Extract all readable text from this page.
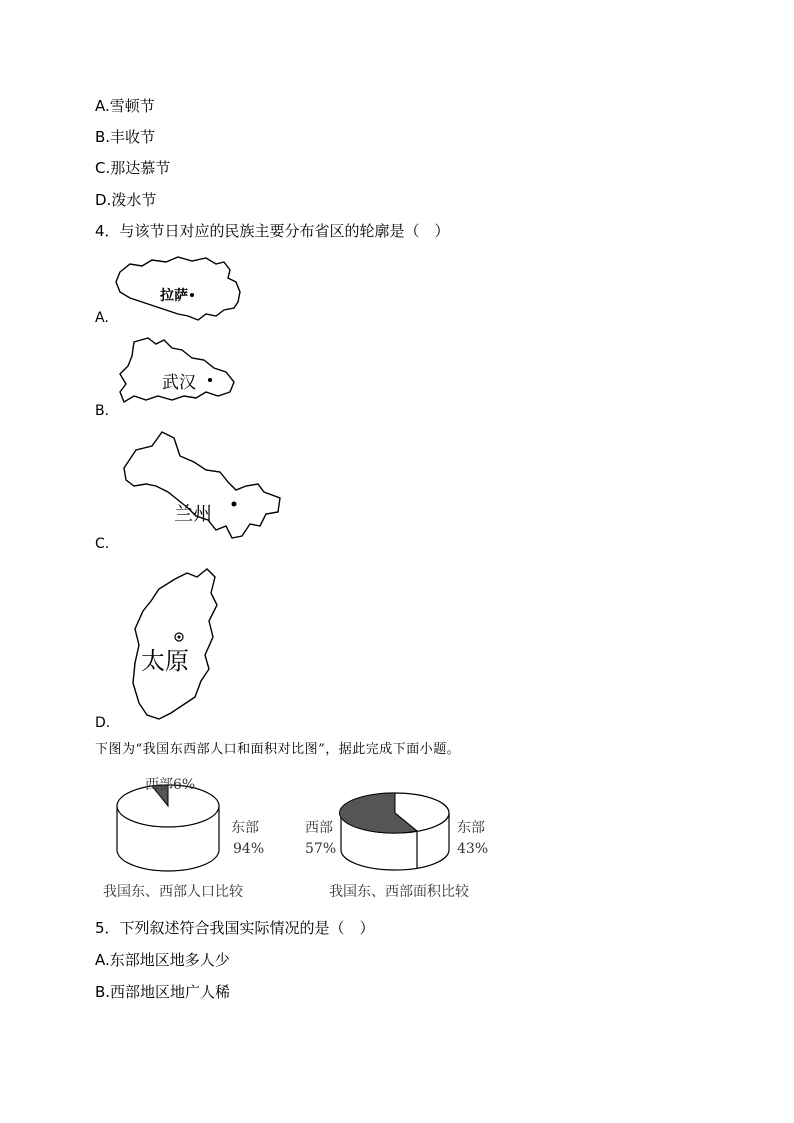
A.雪顿节
B.丰收节
C.那达慕节
D.泼水节
4．与该节日对应的民族主要分布省区的轮廓是（　）
A.
拉萨
B.
武汉
C.
兰州
D.
太原
下图为“我国东西部人口和面积对比图”，据此完成下面小题。
西部6%
东部
94%
我国东、西部人口比较
西部
57%
东部
43%
我国东、西部面积比较
5．下列叙述符合我国实际情况的是（　）
A.东部地区地多人少
B.西部地区地广人稀
